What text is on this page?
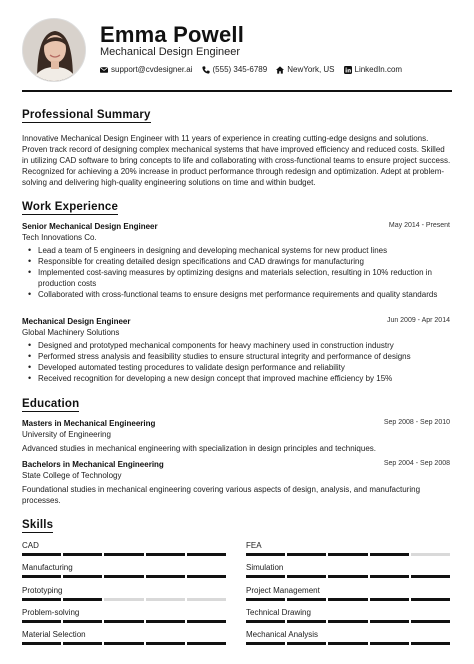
Emma Powell
Mechanical Design Engineer
support@cvdesigner.ai	(555) 345-6789	NewYork, US	LinkedIn.com
Professional Summary
Innovative Mechanical Design Engineer with 11 years of experience in creating cutting-edge designs and solutions. Proven track record of designing complex mechanical systems that have improved efficiency and reduced costs. Skilled in utilizing CAD software to bring concepts to life and collaborating with cross-functional teams to ensure project success. Recognized for achieving a 20% increase in product performance through redesign and optimization. Adept at problem-solving and delivering high-quality engineering solutions on time and within budget.
Work Experience
Senior Mechanical Design Engineer	May 2014 - Present
Tech Innovations Co.
• Lead a team of 5 engineers in designing and developing mechanical systems for new product lines
• Responsible for creating detailed design specifications and CAD drawings for manufacturing
• Implemented cost-saving measures by optimizing designs and materials selection, resulting in 10% reduction in production costs
• Collaborated with cross-functional teams to ensure designs met performance requirements and quality standards
Mechanical Design Engineer	Jun 2009 - Apr 2014
Global Machinery Solutions
• Designed and prototyped mechanical components for heavy machinery used in construction industry
• Performed stress analysis and feasibility studies to ensure structural integrity and performance of designs
• Developed automated testing procedures to validate design performance and reliability
• Received recognition for developing a new design concept that improved machine efficiency by 15%
Education
Masters in Mechanical Engineering	Sep 2008 - Sep 2010
University of Engineering
Advanced studies in mechanical engineering with specialization in design principles and techniques.
Bachelors in Mechanical Engineering	Sep 2004 - Sep 2008
State College of Technology
Foundational studies in mechanical engineering covering various aspects of design, analysis, and manufacturing processes.
Skills
CAD	FEA
Manufacturing	Simulation
Prototyping	Project Management
Problem-solving	Technical Drawing
Material Selection	Mechanical Analysis
